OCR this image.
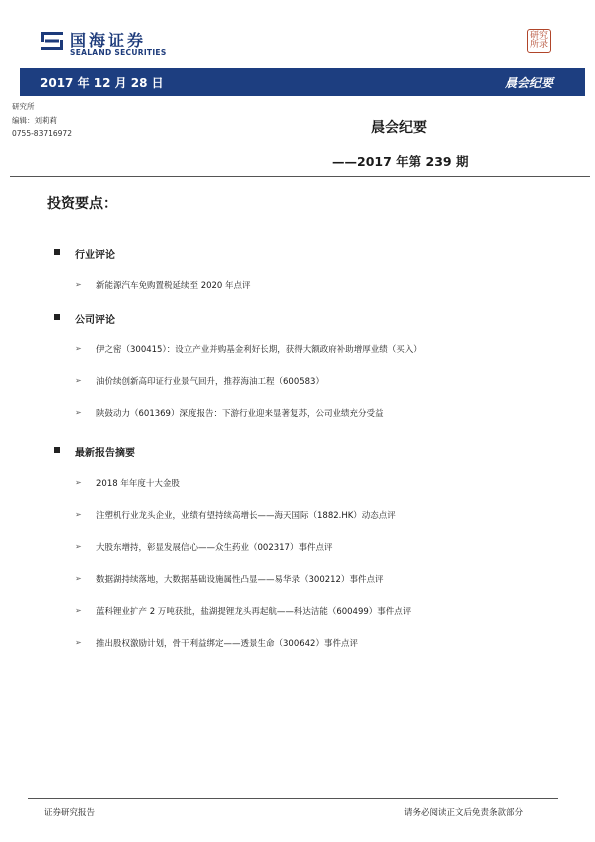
国海证券
SEALAND SECURITIES
研 究
所 录
2017 年 12 月 28 日	晨会纪要
研究所
编辑：刘莉莉
0755-83716972	晨会纪要
——2017 年第 239 期
投资要点：
行业评论
➢ 新能源汽车免购置税延续至 2020 年点评
公司评论
➢ 伊之密（300415）：设立产业并购基金利好长期，获得大额政府补助增厚业绩（买入）
➢ 油价续创新高印证行业景气回升，推荐海油工程（600583）
➢ 陕鼓动力（601369）深度报告：下游行业迎来显著复苏，公司业绩充分受益
最新报告摘要
➢ 2018 年年度十大金股
➢ 注塑机行业龙头企业，业绩有望持续高增长——海天国际（1882.HK）动态点评
➢ 大股东增持，彰显发展信心——众生药业（002317）事件点评
➢ 数据湖持续落地，大数据基础设施属性凸显——易华录（300212）事件点评
➢ 蓝科锂业扩产 2 万吨获批，盐湖提锂龙头再起航——科达洁能（600499）事件点评
➢ 推出股权激励计划，骨干利益绑定——透景生命（300642）事件点评
证券研究报告	请务必阅读正文后免责条款部分
